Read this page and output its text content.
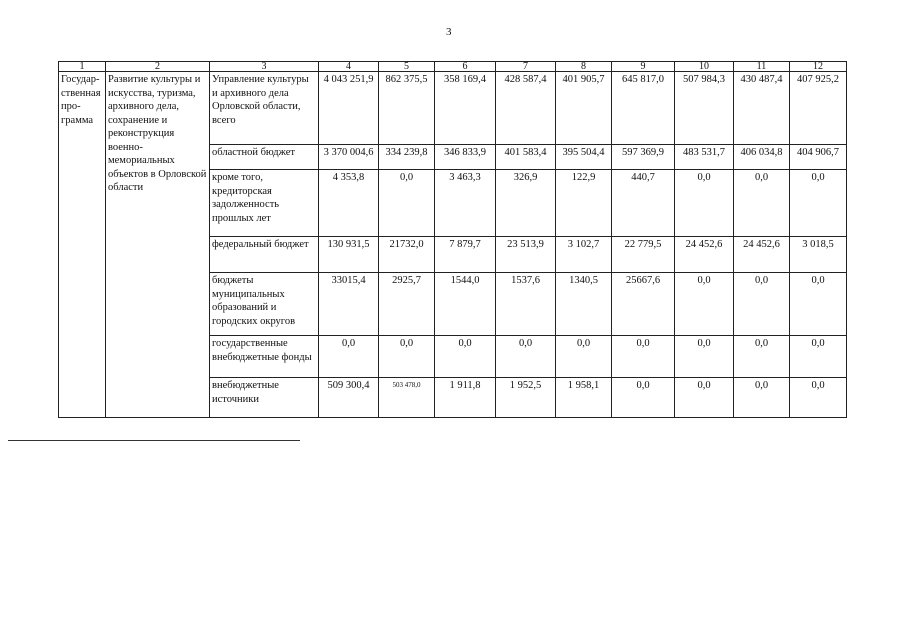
3
1	2	3	4	5	6	7	8	9	10	11	12
Государ-ственная про-грамма	Развитие культуры и искусства, туризма, архивного дела, сохранение и реконструкция военно-мемориальных объектов в Орловской области	Управление культуры и архивного дела Орловской области, всего	4 043 251,9	862 375,5	358 169,4	428 587,4	401 905,7	645 817,0	507 984,3	430 487,4	407 925,2
		областной бюджет	3 370 004,6	334 239,8	346 833,9	401 583,4	395 504,4	597 369,9	483 531,7	406 034,8	404 906,7
		кроме того, кредиторская задолженность прошлых лет	4 353,8	0,0	3 463,3	326,9	122,9	440,7	0,0	0,0	0,0
		федеральный бюджет	130 931,5	21732,0	7 879,7	23 513,9	3 102,7	22 779,5	24 452,6	24 452,6	3 018,5
		бюджеты муниципальных образований и городских округов	33015,4	2925,7	1544,0	1537,6	1340,5	25667,6	0,0	0,0	0,0
		государственные внебюджетные фонды	0,0	0,0	0,0	0,0	0,0	0,0	0,0	0,0	0,0
		внебюджетные источники	509 300,4	503 478,0	1 911,8	1 952,5	1 958,1	0,0	0,0	0,0	0,0
